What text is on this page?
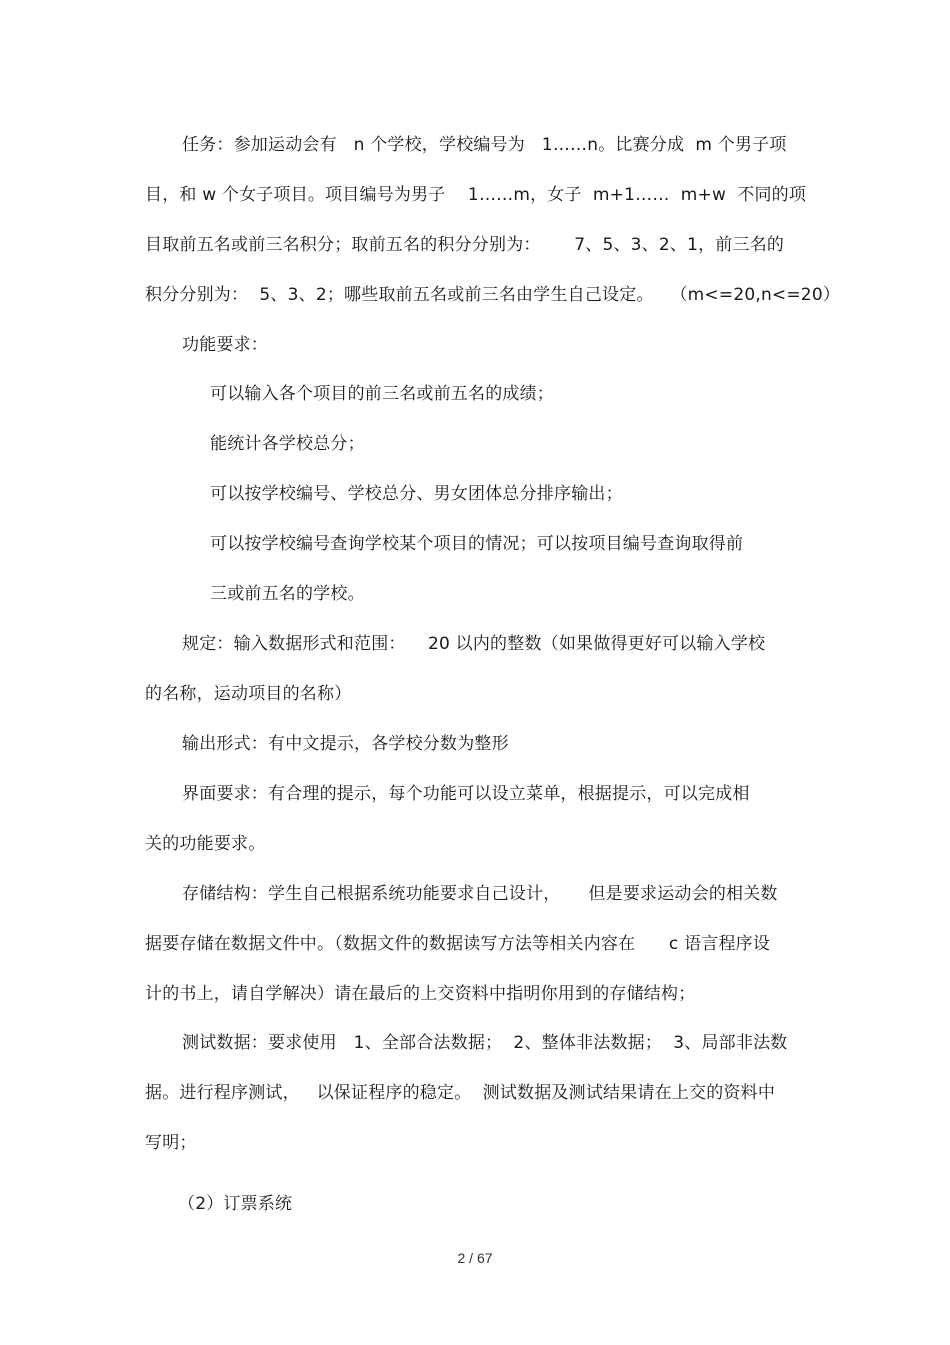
任务：参加运动会有   n 个学校，学校编号为   1……n。比赛分成  m 个男子项
目，和 w 个女子项目。项目编号为男子    1……m，女子  m+1……  m+w  不同的项
目取前五名或前三名积分；取前五名的积分分别为：      7、5、3、2、1，前三名的
积分分别为：  5、3、2；哪些取前五名或前三名由学生自己设定。   （m<=20,n<=20）
功能要求：
可以输入各个项目的前三名或前五名的成绩；
能统计各学校总分；
可以按学校编号、学校总分、男女团体总分排序输出；
可以按学校编号查询学校某个项目的情况；可以按项目编号查询取得前
三或前五名的学校。
规定：输入数据形式和范围：    20 以内的整数（如果做得更好可以输入学校
的名称，运动项目的名称）
输出形式：有中文提示，各学校分数为整形
界面要求：有合理的提示，每个功能可以设立菜单，根据提示，可以完成相
关的功能要求。
存储结构：学生自己根据系统功能要求自己设计，     但是要求运动会的相关数
据要存储在数据文件中。（数据文件的数据读写方法等相关内容在      c 语言程序设
计的书上，请自学解决）请在最后的上交资料中指明你用到的存储结构；
测试数据：要求使用   1、全部合法数据；  2、整体非法数据；  3、局部非法数
据。进行程序测试，   以保证程序的稳定。  测试数据及测试结果请在上交的资料中
写明；
（2）订票系统
2 / 67
